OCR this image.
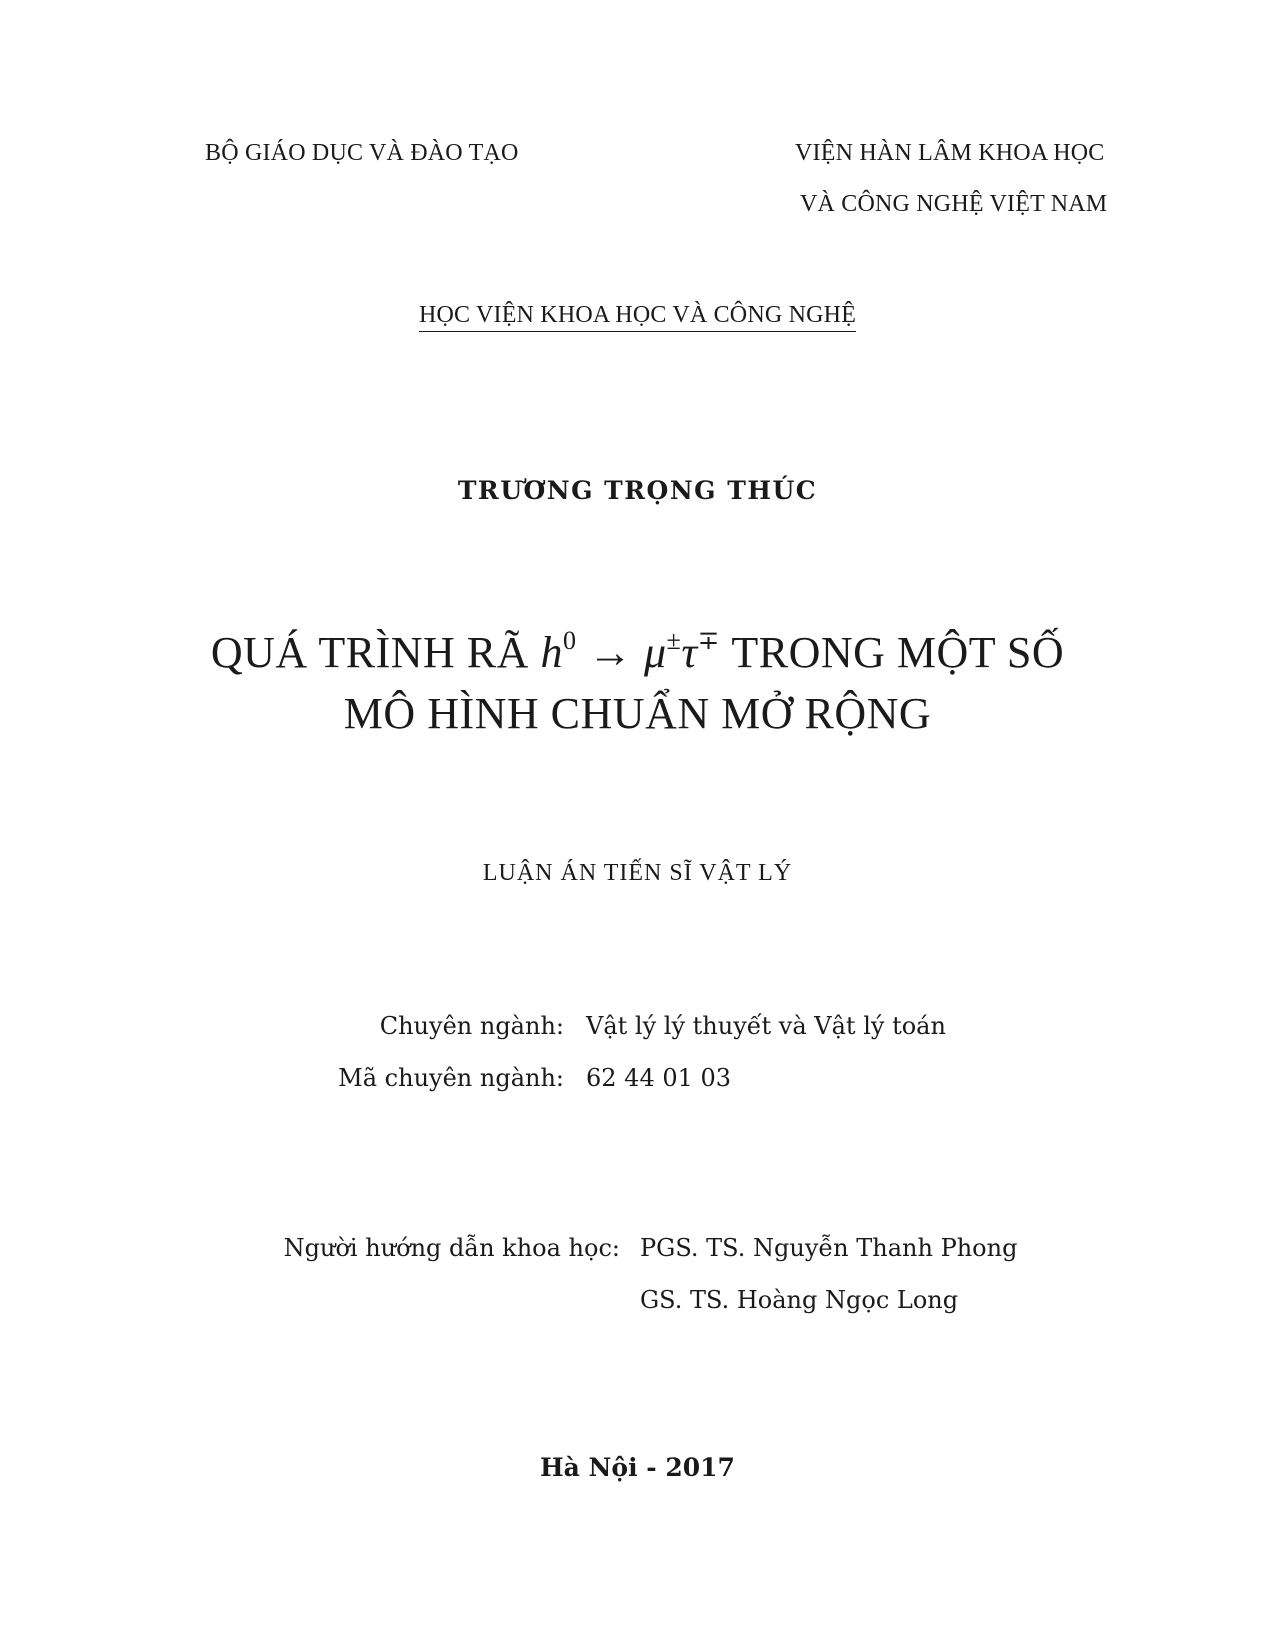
BỘ GIÁO DỤC VÀ ĐÀO TẠO	VIỆN HÀN LÂM KHOA HỌC
VÀ CÔNG NGHỆ VIỆT NAM
HỌC VIỆN KHOA HỌC VÀ CÔNG NGHỆ
TRƯƠNG TRỌNG THÚC
QUÁ TRÌNH RÃ $h^0 \to \mu^\pm\tau^\mp$ TRONG MỘT SỐ
MÔ HÌNH CHUẨN MỞ RỘNG
LUẬN ÁN TIẾN SĨ VẬT LÝ
Chuyên ngành: Vật lý lý thuyết và Vật lý toán
Mã chuyên ngành: 62 44 01 03
Người hướng dẫn khoa học: PGS. TS. Nguyễn Thanh Phong
GS. TS. Hoàng Ngọc Long
Hà Nội - 2017
